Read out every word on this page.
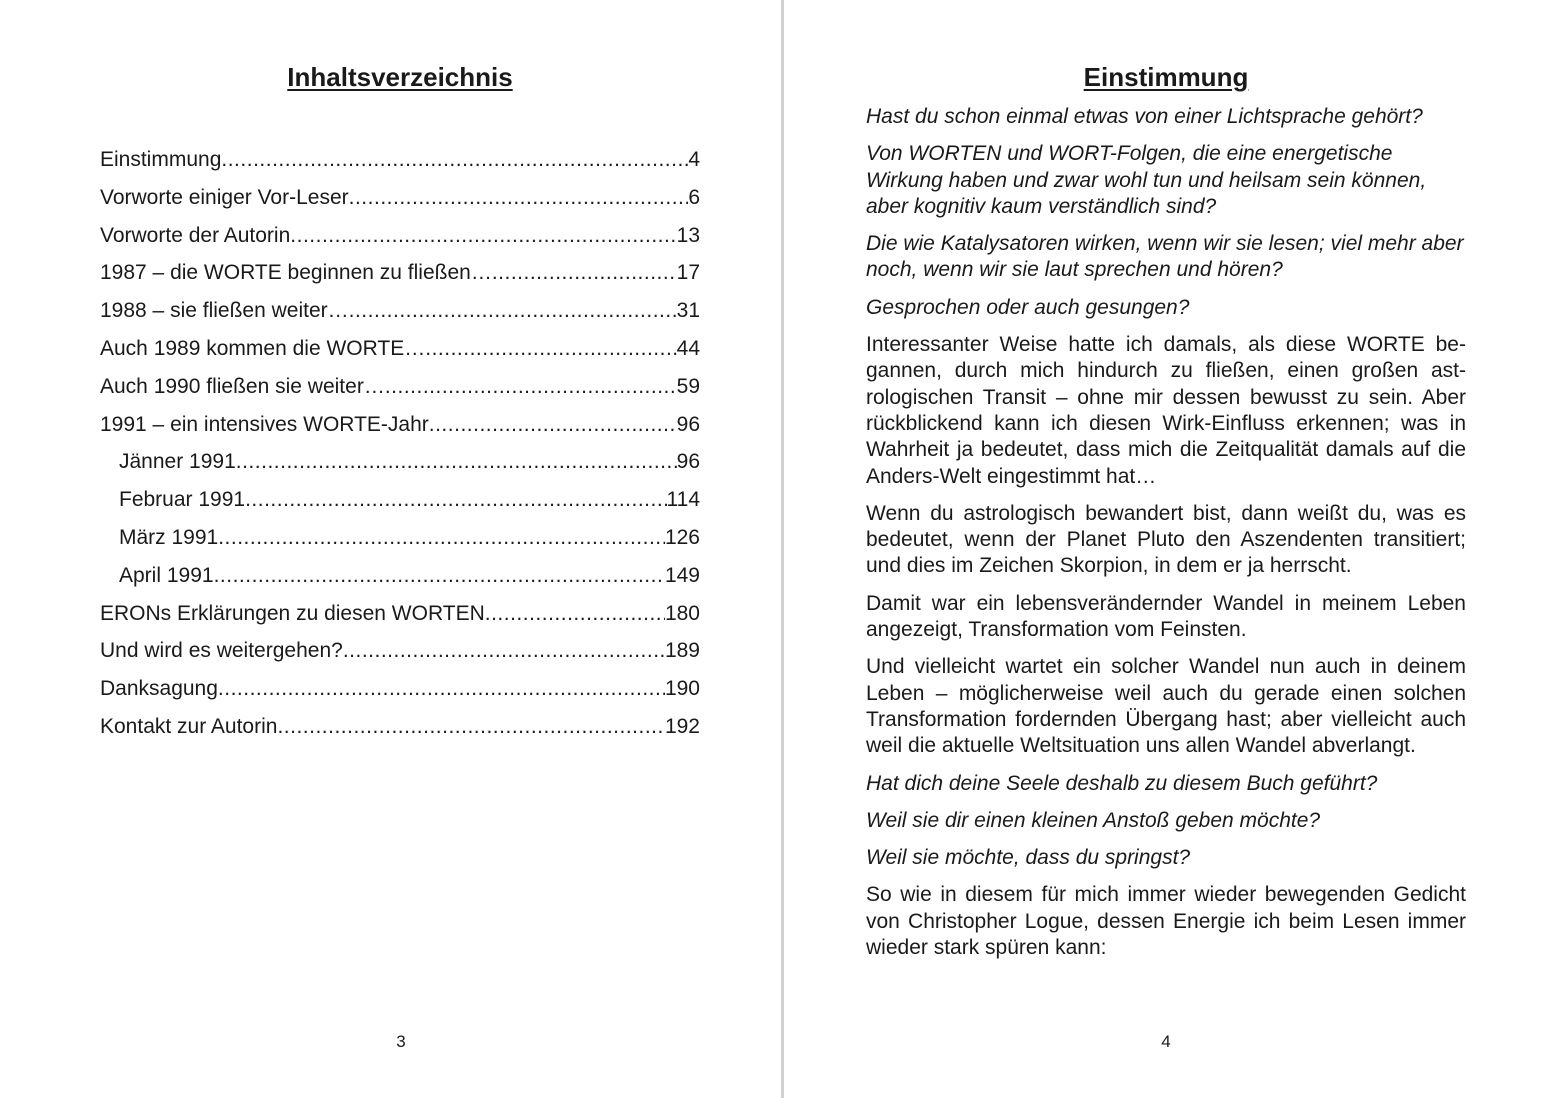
Inhaltsverzeichnis
Einstimmung .....	4
Vorworte einiger Vor-Leser .....	6
Vorworte der Autorin .....	13
1987 – die WORTE beginnen zu fließen… .....	17
1988 – sie fließen weiter… .....	31
Auch 1989 kommen die WORTE… .....	44
Auch 1990 fließen sie weiter… .....	59
1991 – ein intensives WORTE-Jahr .....	96
Jänner 1991 .....	96
Februar 1991 .....	114
März 1991 .....	126
April 1991 .....	149
ERONs Erklärungen zu diesen WORTEN .....	180
Und wird es weitergehen? .....	189
Danksagung .....	190
Kontakt zur Autorin .....	192
3
Einstimmung

Hast du schon einmal etwas von einer Lichtsprache gehört?

Von WORTEN und WORT-Folgen, die eine energetische Wirkung haben und zwar wohl tun und heilsam sein können, aber kognitiv kaum verständlich sind?

Die wie Katalysatoren wirken, wenn wir sie lesen; viel mehr aber noch, wenn wir sie laut sprechen und hören?

Gesprochen oder auch gesungen?

Interessanter Weise hatte ich damals, als diese WORTE begannen, durch mich hindurch zu fließen, einen großen astrologischen Transit – ohne mir dessen bewusst zu sein. Aber rückblickend kann ich diesen Wirk-Einfluss erkennen; was in Wahrheit ja bedeutet, dass mich die Zeitqualität damals auf die Anders-Welt eingestimmt hat…

Wenn du astrologisch bewandert bist, dann weißt du, was es bedeutet, wenn der Planet Pluto den Aszendenten transitiert; und dies im Zeichen Skorpion, in dem er ja herrscht.

Damit war ein lebensverändernder Wandel in meinem Leben angezeigt, Transformation vom Feinsten.

Und vielleicht wartet ein solcher Wandel nun auch in deinem Leben – möglicherweise weil auch du gerade einen solchen Transformation fordernden Übergang hast; aber vielleicht auch weil die aktuelle Weltsituation uns allen Wandel abverlangt.

Hat dich deine Seele deshalb zu diesem Buch geführt?

Weil sie dir einen kleinen Anstoß geben möchte?

Weil sie möchte, dass du springst?

So wie in diesem für mich immer wieder bewegenden Gedicht von Christopher Logue, dessen Energie ich beim Lesen immer wieder stark spüren kann:

4
